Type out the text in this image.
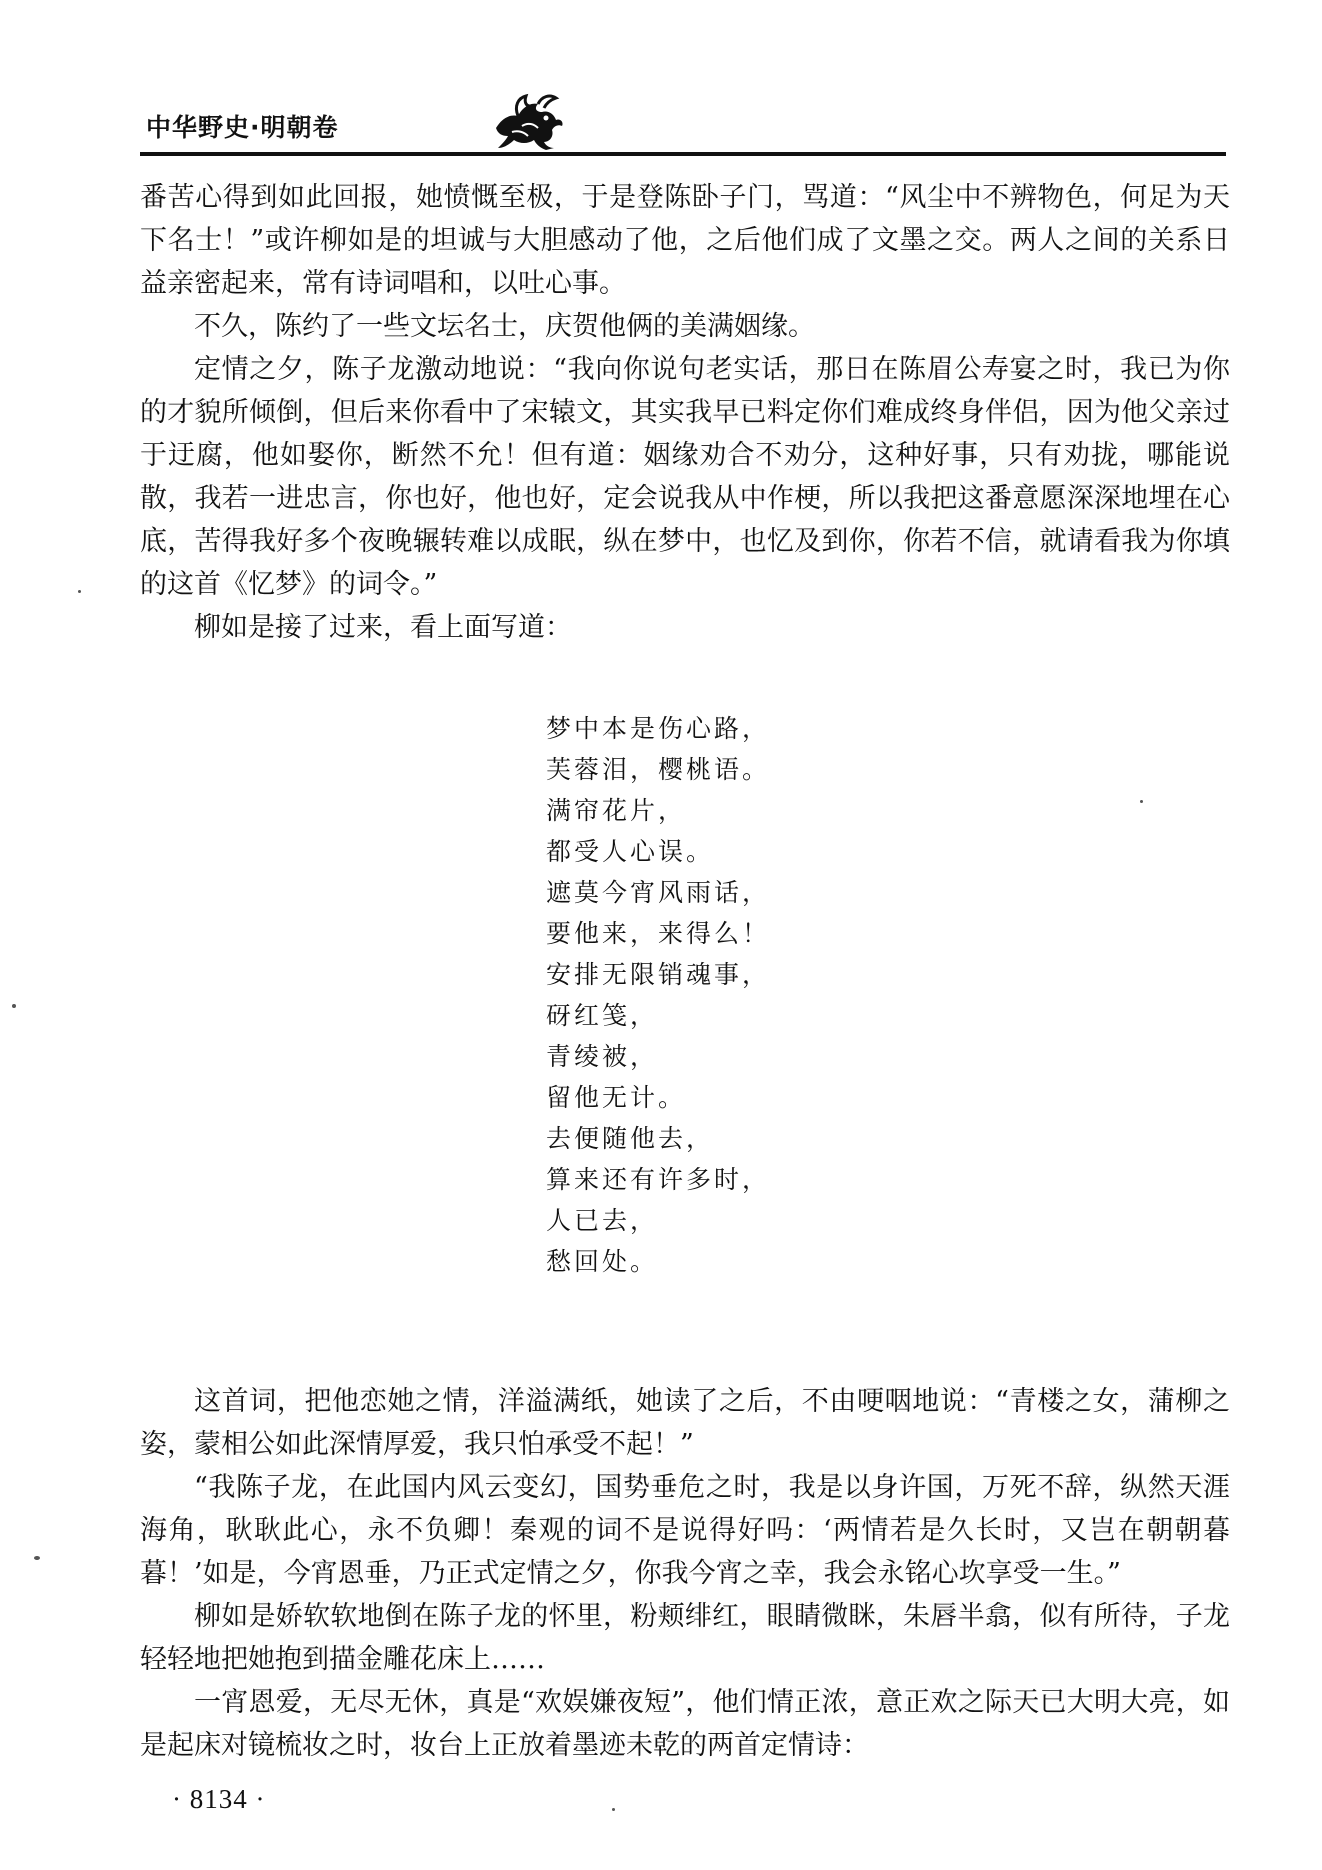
中华野史·明朝卷

番苦心得到如此回报，她愤慨至极，于是登陈卧子门，骂道：“风尘中不辨物色，何足为天下名士！”或许柳如是的坦诚与大胆感动了他，之后他们成了文墨之交。两人之间的关系日益亲密起来，常有诗词唱和，以吐心事。

不久，陈约了一些文坛名士，庆贺他俩的美满姻缘。

定情之夕，陈子龙激动地说：“我向你说句老实话，那日在陈眉公寿宴之时，我已为你的才貌所倾倒，但后来你看中了宋辕文，其实我早已料定你们难成终身伴侣，因为他父亲过于迂腐，他如娶你，断然不允！但有道：姻缘劝合不劝分，这种好事，只有劝拢，哪能说散，我若一进忠言，你也好，他也好，定会说我从中作梗，所以我把这番意愿深深地埋在心底，苦得我好多个夜晚辗转难以成眠，纵在梦中，也忆及到你，你若不信，就请看我为你填的这首《忆梦》的词令。”

柳如是接了过来，看上面写道：

梦中本是伤心路，
芙蓉泪，樱桃语。
满帘花片，
都受人心误。
遮莫今宵风雨话，
要他来，来得么！
安排无限销魂事，
砑红笺，
青绫被，
留他无计。
去便随他去，
算来还有许多时，
人已去，
愁回处。

这首词，把他恋她之情，洋溢满纸，她读了之后，不由哽咽地说：“青楼之女，蒲柳之姿，蒙相公如此深情厚爱，我只怕承受不起！”

“我陈子龙，在此国内风云变幻，国势垂危之时，我是以身许国，万死不辞，纵然天涯海角，耿耿此心，永不负卿！秦观的词不是说得好吗：‘两情若是久长时，又岂在朝朝暮暮！’如是，今宵恩垂，乃正式定情之夕，你我今宵之幸，我会永铭心坎享受一生。”

柳如是娇软软地倒在陈子龙的怀里，粉颊绯红，眼睛微眯，朱唇半翕，似有所待，子龙轻轻地把她抱到描金雕花床上……

一宵恩爱，无尽无休，真是“欢娱嫌夜短”，他们情正浓，意正欢之际天已大明大亮，如是起床对镜梳妆之时，妆台上正放着墨迹未乾的两首定情诗：

· 8134 ·
